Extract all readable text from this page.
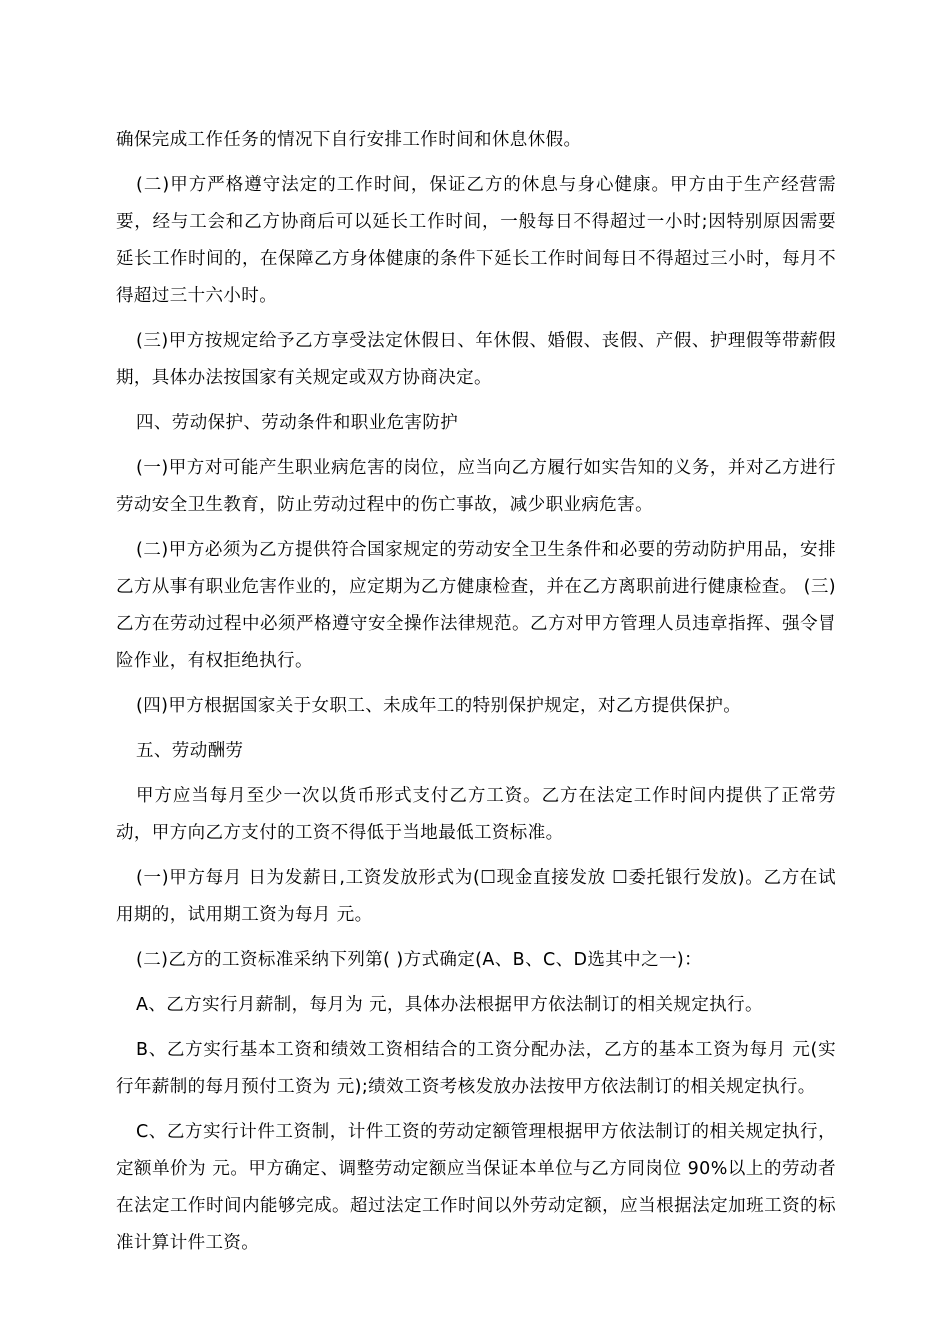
确保完成工作任务的情况下自行安排工作时间和休息休假。

(二)甲方严格遵守法定的工作时间，保证乙方的休息与身心健康。甲方由于生产经营需要，经与工会和乙方协商后可以延长工作时间，一般每日不得超过一小时;因特别原因需要延长工作时间的，在保障乙方身体健康的条件下延长工作时间每日不得超过三小时，每月不得超过三十六小时。

(三)甲方按规定给予乙方享受法定休假日、年休假、婚假、丧假、产假、护理假等带薪假期，具体办法按国家有关规定或双方协商决定。

四、劳动保护、劳动条件和职业危害防护

(一)甲方对可能产生职业病危害的岗位，应当向乙方履行如实告知的义务，并对乙方进行劳动安全卫生教育，防止劳动过程中的伤亡事故，减少职业病危害。

(二)甲方必须为乙方提供符合国家规定的劳动安全卫生条件和必要的劳动防护用品，安排乙方从事有职业危害作业的，应定期为乙方健康检查，并在乙方离职前进行健康检查。 (三)乙方在劳动过程中必须严格遵守安全操作法律规范。乙方对甲方管理人员违章指挥、强令冒险作业，有权拒绝执行。

(四)甲方根据国家关于女职工、未成年工的特别保护规定，对乙方提供保护。

五、劳动酬劳

甲方应当每月至少一次以货币形式支付乙方工资。乙方在法定工作时间内提供了正常劳动，甲方向乙方支付的工资不得低于当地最低工资标准。

(一)甲方每月 日为发薪日,工资发放形式为(☐现金直接发放 ☐委托银行发放)。乙方在试用期的，试用期工资为每月 元。

(二)乙方的工资标准采纳下列第( )方式确定(A、B、C、D选其中之一)：

A、乙方实行月薪制，每月为 元，具体办法根据甲方依法制订的相关规定执行。

B、乙方实行基本工资和绩效工资相结合的工资分配办法，乙方的基本工资为每月 元(实行年薪制的每月预付工资为 元);绩效工资考核发放办法按甲方依法制订的相关规定执行。

C、乙方实行计件工资制，计件工资的劳动定额管理根据甲方依法制订的相关规定执行，定额单价为 元。甲方确定、调整劳动定额应当保证本单位与乙方同岗位 90%以上的劳动者在法定工作时间内能够完成。超过法定工作时间以外劳动定额，应当根据法定加班工资的标准计算计件工资。
